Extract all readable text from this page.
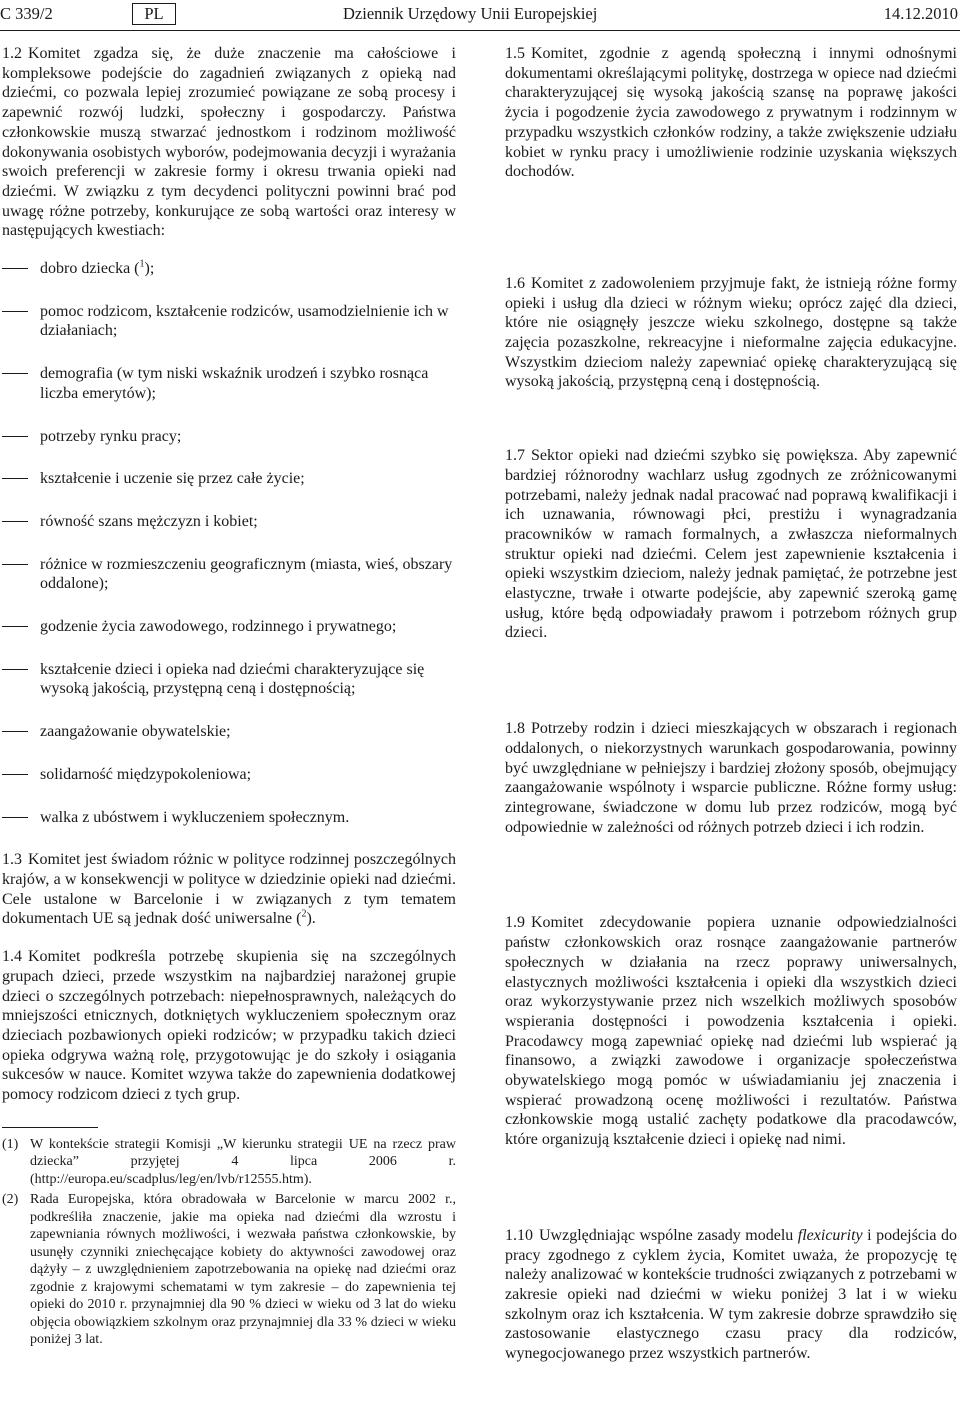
C 339/2	PL	Dziennik Urzędowy Unii Europejskiej	14.12.2010

1.2 Komitet zgadza się, że duże znaczenie ma całościowe i kompleksowe podejście do zagadnień związanych z opieką nad dziećmi, co pozwala lepiej zrozumieć powiązane ze sobą procesy i zapewnić rozwój ludzki, społeczny i gospodarczy. Państwa członkowskie muszą stwarzać jednostkom i rodzinom możliwość dokonywania osobistych wyborów, podejmowania decyzji i wyrażania swoich preferencji w zakresie formy i okresu trwania opieki nad dziećmi. W związku z tym decydenci polityczni powinni brać pod uwagę różne potrzeby, konkurujące ze sobą wartości oraz interesy w następujących kwestiach:

dobro dziecka ($^1$);
pomoc rodzicom, kształcenie rodziców, usamodzielnienie ich w działaniach;
demografia (w tym niski wskaźnik urodzeń i szybko rosnąca liczba emerytów);
potrzeby rynku pracy;
kształcenie i uczenie się przez całe życie;
równość szans mężczyzn i kobiet;
różnice w rozmieszczeniu geograficznym (miasta, wieś, obszary oddalone);
godzenie życia zawodowego, rodzinnego i prywatnego;
kształcenie dzieci i opieka nad dziećmi charakteryzujące się wysoką jakością, przystępną ceną i dostępnością;
zaangażowanie obywatelskie;
solidarność międzypokoleniowa;
walka z ubóstwem i wykluczeniem społecznym.

1.3 Komitet jest świadom różnic w polityce rodzinnej poszczególnych krajów, a w konsekwencji w polityce w dziedzinie opieki nad dziećmi. Cele ustalone w Barcelonie i w związanych z tym tematem dokumentach UE są jednak dość uniwersalne ($^2$).

1.4 Komitet podkreśla potrzebę skupienia się na szczególnych grupach dzieci, przede wszystkim na najbardziej narażonej grupie dzieci o szczególnych potrzebach: niepełnosprawnych, należących do mniejszości etnicznych, dotkniętych wykluczeniem społecznym oraz dzieciach pozbawionych opieki rodziców; w przypadku takich dzieci opieka odgrywa ważną rolę, przygotowując je do szkoły i osiągania sukcesów w nauce. Komitet wzywa także do zapewnienia dodatkowej pomocy rodzicom dzieci z tych grup.

(1) W kontekście strategii Komisji „W kierunku strategii UE na rzecz praw dziecka” przyjętej 4 lipca 2006 r. (http://europa.eu/scadplus/leg/en/lvb/r12555.htm).
(2) Rada Europejska, która obradowała w Barcelonie w marcu 2002 r., podkreśliła znaczenie, jakie ma opieka nad dziećmi dla wzrostu i zapewniania równych możliwości, i wezwała państwa członkowskie, by usunęły czynniki zniechęcające kobiety do aktywności zawodowej oraz dążyły – z uwzględnieniem zapotrzebowania na opiekę nad dziećmi oraz zgodnie z krajowymi schematami w tym zakresie – do zapewnienia tej opieki do 2010 r. przynajmniej dla 90 % dzieci w wieku od 3 lat do wieku objęcia obowiązkiem szkolnym oraz przynajmniej dla 33 % dzieci w wieku poniżej 3 lat.

1.5 Komitet, zgodnie z agendą społeczną i innymi odnośnymi dokumentami określającymi politykę, dostrzega w opiece nad dziećmi charakteryzującej się wysoką jakością szansę na poprawę jakości życia i pogodzenie życia zawodowego z prywatnym i rodzinnym w przypadku wszystkich członków rodziny, a także zwiększenie udziału kobiet w rynku pracy i umożliwienie rodzinie uzyskania większych dochodów.

1.6 Komitet z zadowoleniem przyjmuje fakt, że istnieją różne formy opieki i usług dla dzieci w różnym wieku; oprócz zajęć dla dzieci, które nie osiągnęły jeszcze wieku szkolnego, dostępne są także zajęcia pozaszkolne, rekreacyjne i nieformalne zajęcia edukacyjne. Wszystkim dzieciom należy zapewniać opiekę charakteryzującą się wysoką jakością, przystępną ceną i dostępnością.

1.7 Sektor opieki nad dziećmi szybko się powiększa. Aby zapewnić bardziej różnorodny wachlarz usług zgodnych ze zróżnicowanymi potrzebami, należy jednak nadal pracować nad poprawą kwalifikacji i ich uznawania, równowagi płci, prestiżu i wynagradzania pracowników w ramach formalnych, a zwłaszcza nieformalnych struktur opieki nad dziećmi. Celem jest zapewnienie kształcenia i opieki wszystkim dzieciom, należy jednak pamiętać, że potrzebne jest elastyczne, trwałe i otwarte podejście, aby zapewnić szeroką gamę usług, które będą odpowiadały prawom i potrzebom różnych grup dzieci.

1.8 Potrzeby rodzin i dzieci mieszkających w obszarach i regionach oddalonych, o niekorzystnych warunkach gospodarowania, powinny być uwzględniane w pełniejszy i bardziej złożony sposób, obejmujący zaangażowanie wspólnoty i wsparcie publiczne. Różne formy usług: zintegrowane, świadczone w domu lub przez rodziców, mogą być odpowiednie w zależności od różnych potrzeb dzieci i ich rodzin.

1.9 Komitet zdecydowanie popiera uznanie odpowiedzialności państw członkowskich oraz rosnące zaangażowanie partnerów społecznych w działania na rzecz poprawy uniwersalnych, elastycznych możliwości kształcenia i opieki dla wszystkich dzieci oraz wykorzystywanie przez nich wszelkich możliwych sposobów wspierania dostępności i powodzenia kształcenia i opieki. Pracodawcy mogą zapewniać opiekę nad dziećmi lub wspierać ją finansowo, a związki zawodowe i organizacje społeczeństwa obywatelskiego mogą pomóc w uświadamianiu jej znaczenia i wspierać prowadzoną ocenę możliwości i rezultatów. Państwa członkowskie mogą ustalić zachęty podatkowe dla pracodawców, które organizują kształcenie dzieci i opiekę nad nimi.

1.10 Uwzględniając wspólne zasady modelu flexicurity i podejścia do pracy zgodnego z cyklem życia, Komitet uważa, że propozycję tę należy analizować w kontekście trudności związanych z potrzebami w zakresie opieki nad dziećmi w wieku poniżej 3 lat i w wieku szkolnym oraz ich kształcenia. W tym zakresie dobrze sprawdziło się zastosowanie elastycznego czasu pracy dla rodziców, wynegocjowanego przez wszystkich partnerów.
